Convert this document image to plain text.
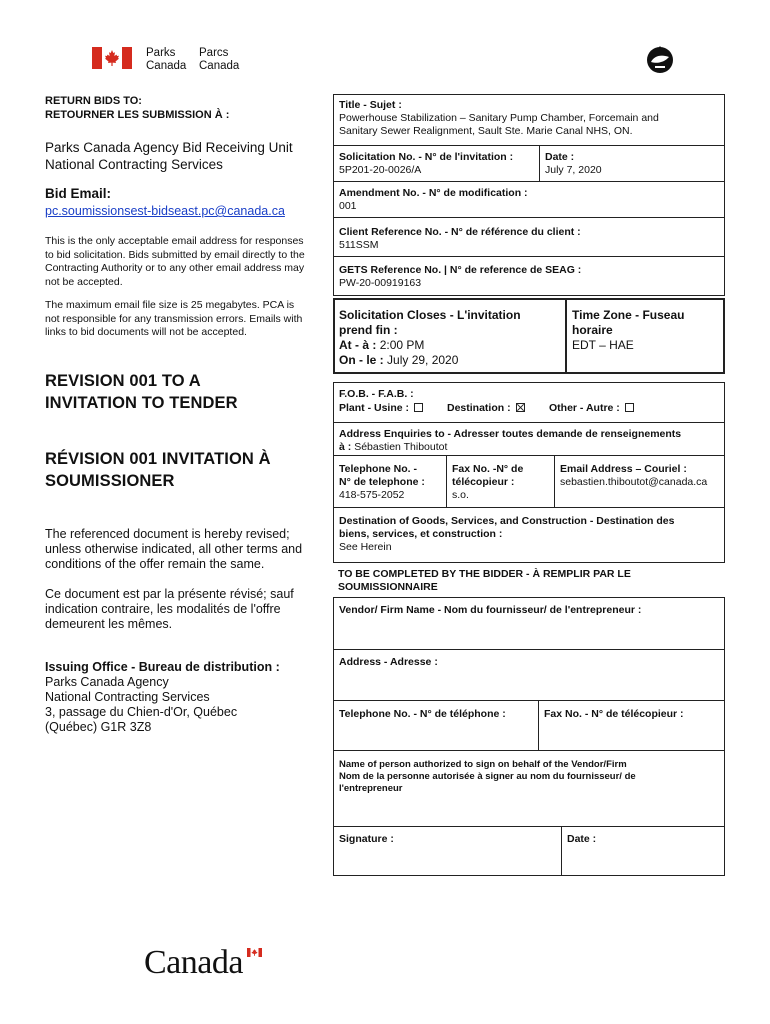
Parks
Canada
Parcs
Canada
RETURN BIDS TO:
RETOURNER LES SUBMISSION À :
Parks Canada Agency Bid Receiving Unit
National Contracting Services
Bid Email:
pc.soumissionsest-bidseast.pc@canada.ca
This is the only acceptable email address for responses
to bid solicitation. Bids submitted by email directly to the
Contracting Authority or to any other email address may
not be accepted.
The maximum email file size is 25 megabytes. PCA is
not responsible for any transmission errors. Emails with
links to bid documents will not be accepted.
REVISION 001 TO A
INVITATION TO TENDER
RÉVISION 001 INVITATION À
SOUMISSIONER
The referenced document is hereby revised;
unless otherwise indicated, all other terms and
conditions of the offer remain the same.
Ce document est par la présente révisé; sauf
indication contraire, les modalités de l'offre
demeurent les mêmes.
Issuing Office - Bureau de distribution :
Parks Canada Agency
National Contracting Services
3, passage du Chien-d'Or, Québec
(Québec) G1R 3Z8
Title - Sujet :
Powerhouse Stabilization – Sanitary Pump Chamber, Forcemain and
Sanitary Sewer Realignment, Sault Ste. Marie Canal NHS, ON.
Solicitation No. - N° de l'invitation :
5P201-20-0026/A
Date :
July 7, 2020
Amendment No. - N° de modification :
001
Client Reference No. - N° de référence du client :
511SSM
GETS Reference No. | N° de reference de SEAG :
PW-20-00919163
Solicitation Closes - L'invitation
prend fin :
At - à : 2:00 PM
On - le : July 29, 2020
Time Zone - Fuseau
horaire
EDT – HAE
F.O.B. - F.A.B. :
Plant - Usine :	Destination :	Other - Autre :
Address Enquiries to - Adresser toutes demande de renseignements
à : Sébastien Thiboutot
Telephone No. -
N° de telephone :
418-575-2052
Fax No. -N° de
télécopieur :
s.o.
Email Address – Couriel :
sebastien.thiboutot@canada.ca
Destination of Goods, Services, and Construction - Destination des
biens, services, et construction :
See Herein
TO BE COMPLETED BY THE BIDDER - À REMPLIR PAR LE
SOUMISSIONNAIRE
Vendor/ Firm Name - Nom du fournisseur/ de l'entrepreneur :
Address - Adresse :
Telephone No. - N° de téléphone :	Fax No. - N° de télécopieur :
Name of person authorized to sign on behalf of the Vendor/Firm
Nom de la personne autorisée à signer au nom du fournisseur/ de
l'entrepreneur
Signature :	Date :
Canada
